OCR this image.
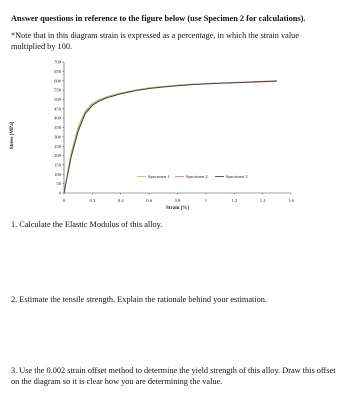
Answer questions in reference to the figure below (use Specimen 2 for calculations).
*Note that in this diagram strain is expressed as a percentage, in which the strain value multiplied by 100.
0
50
100
150
200
250
300
350
400
450
500
550
600
650
700
0	0.2	0.4	0.6	0.8	1	1.2	1.4	1.6
Strain [%]
Stress [MPa]
Specimen 1	Specimen 2	Specimen 3
1. Calculate the Elastic Modulus of this alloy.
2. Estimate the tensile strength. Explain the rationale behind your estimation.
3. Use the 0.002 strain offset method to determine the yield strength of this alloy. Draw this offset on the diagram so it is clear how you are determining the value.
